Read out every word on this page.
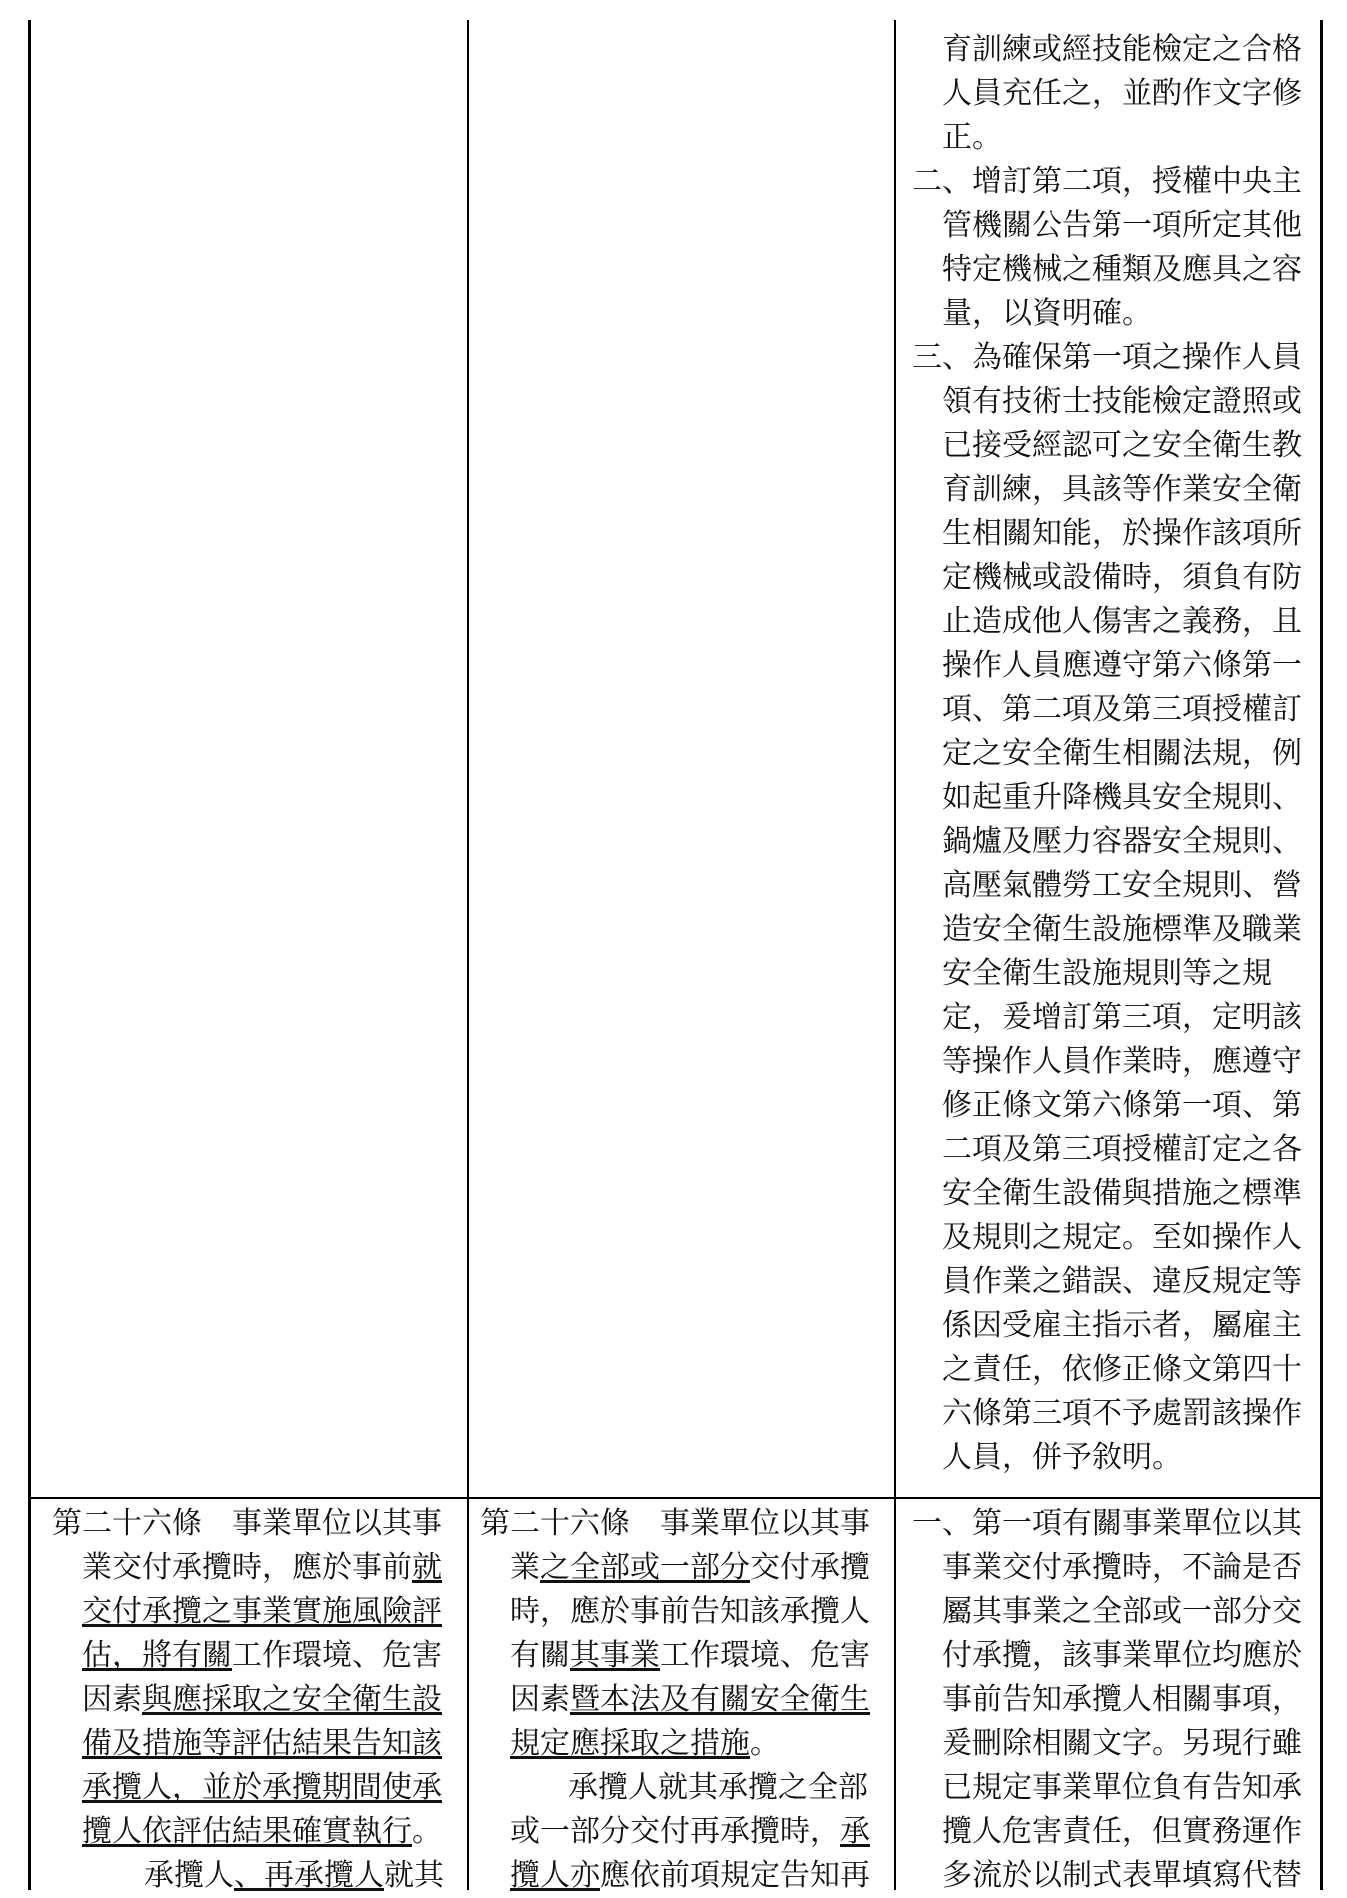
育訓練或經技能檢定之合格人員充任之，並酌作文字修正。

二、增訂第二項，授權中央主管機關公告第一項所定其他特定機械之種類及應具之容量，以資明確。

三、為確保第一項之操作人員領有技術士技能檢定證照或已接受經認可之安全衛生教育訓練，具該等作業安全衛生相關知能，於操作該項所定機械或設備時，須負有防止造成他人傷害之義務，且操作人員應遵守第六條第一項、第二項及第三項授權訂定之安全衛生相關法規，例如起重升降機具安全規則、鍋爐及壓力容器安全規則、高壓氣體勞工安全規則、營造安全衛生設施標準及職業安全衛生設施規則等之規定，爰增訂第三項，定明該等操作人員作業時，應遵守修正條文第六條第一項、第二項及第三項授權訂定之各安全衛生設備與措施之標準及規則之規定。至如操作人員作業之錯誤、違反規定等係因受雇主指示者，屬雇主之責任，依修正條文第四十六條第三項不予處罰該操作人員，併予敘明。

第二十六條　 事業單位以其事業交付承攬時，應於事前就交付承攬之事業實施風險評估，將有關工作環境、危害因素與應採取之安全衛生設備及措施等評估結果告知該承攬人，並於承攬期間使承攬人依評估結果確實執行。

承攬人、再承攬人就其

第二十六條　 事業單位以其事業之全部或一部分交付承攬時，應於事前告知該承攬人有關其事業工作環境、危害因素暨本法及有關安全衛生規定應採取之措施。

承攬人就其承攬之全部或一部分交付再承攬時，承攬人亦應依前項規定告知再

一、第一項有關事業單位以其事業交付承攬時，不論是否屬其事業之全部或一部分交付承攬，該事業單位均應於事前告知承攬人相關事項，爰刪除相關文字。另現行雖已規定事業單位負有告知承攬人危害責任，但實務運作多流於以制式表單填寫代替
